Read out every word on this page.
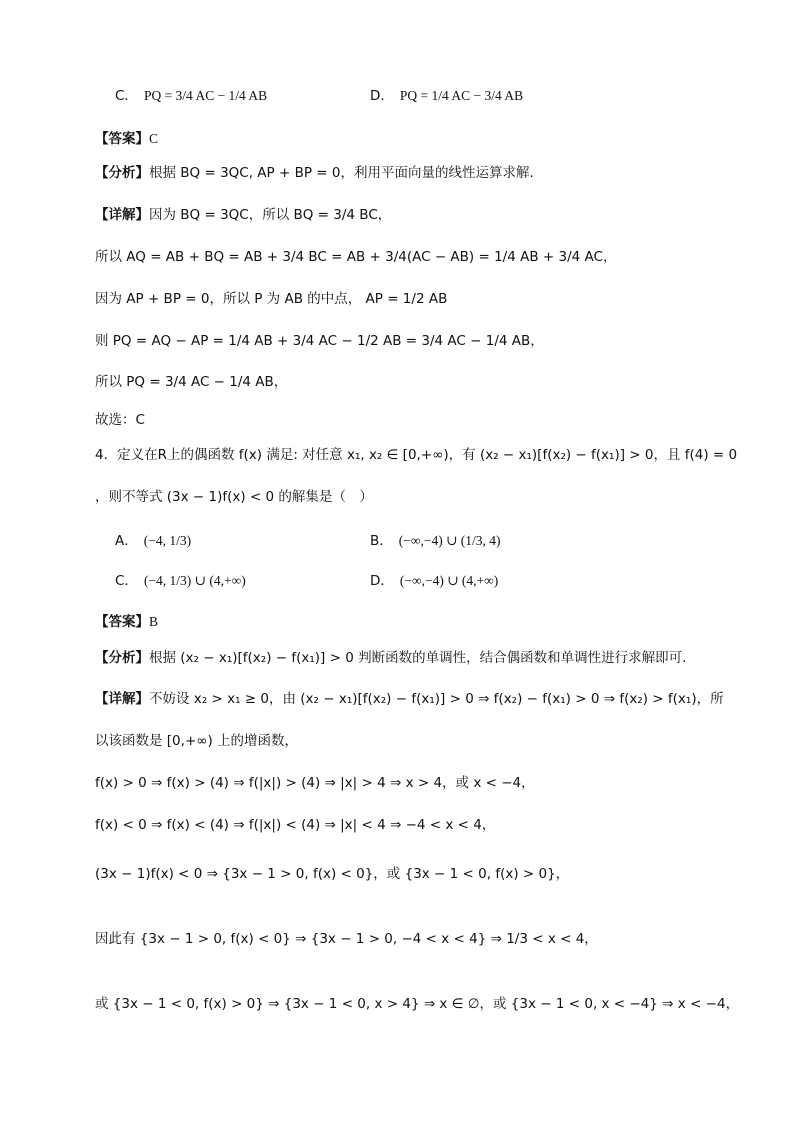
C． PQ = 3/4 AC − 1/4 AB	D． PQ = 1/4 AC − 3/4 AB
【答案】C
【分析】根据 BQ = 3QC, AP + BP = 0，利用平面向量的线性运算求解.
【详解】因为 BQ = 3QC，所以 BQ = 3/4 BC，
所以 AQ = AB + BQ = AB + 3/4 BC = AB + 3/4(AC − AB) = 1/4 AB + 3/4 AC，
因为 AP + BP = 0，所以 P 为 AB 的中点， AP = 1/2 AB
则 PQ = AQ − AP = 1/4 AB + 3/4 AC − 1/2 AB = 3/4 AC − 1/4 AB，
所以 PQ = 3/4 AC − 1/4 AB，
故选：C
4．定义在R上的偶函数 f(x) 满足: 对任意 x₁, x₂ ∈ [0,+∞)，有 (x₂ − x₁)[f(x₂) − f(x₁)] > 0，且 f(4) = 0
，则不等式 (3x − 1)f(x) < 0 的解集是（　）
A． (−4, 1/3)	B． (−∞,−4) ∪ (1/3, 4)
C． (−4, 1/3) ∪ (4,+∞)	D． (−∞,−4) ∪ (4,+∞)
【答案】B
【分析】根据 (x₂ − x₁)[f(x₂) − f(x₁)] > 0 判断函数的单调性，结合偶函数和单调性进行求解即可.
【详解】不妨设 x₂ > x₁ ≥ 0，由 (x₂ − x₁)[f(x₂) − f(x₁)] > 0 ⇒ f(x₂) − f(x₁) > 0 ⇒ f(x₂) > f(x₁)，所
以该函数是 [0,+∞) 上的增函数，
f(x) > 0 ⇒ f(x) > (4) ⇒ f(|x|) > (4) ⇒ |x| > 4 ⇒ x > 4，或 x < −4，
f(x) < 0 ⇒ f(x) < (4) ⇒ f(|x|) < (4) ⇒ |x| < 4 ⇒ −4 < x < 4，
(3x − 1)f(x) < 0 ⇒ {3x − 1 > 0, f(x) < 0}，或 {3x − 1 < 0, f(x) > 0}，
因此有 {3x − 1 > 0, f(x) < 0} ⇒ {3x − 1 > 0, −4 < x < 4} ⇒ 1/3 < x < 4，
或 {3x − 1 < 0, f(x) > 0} ⇒ {3x − 1 < 0, x > 4} ⇒ x ∈ ∅，或 {3x − 1 < 0, x < −4} ⇒ x < −4，
